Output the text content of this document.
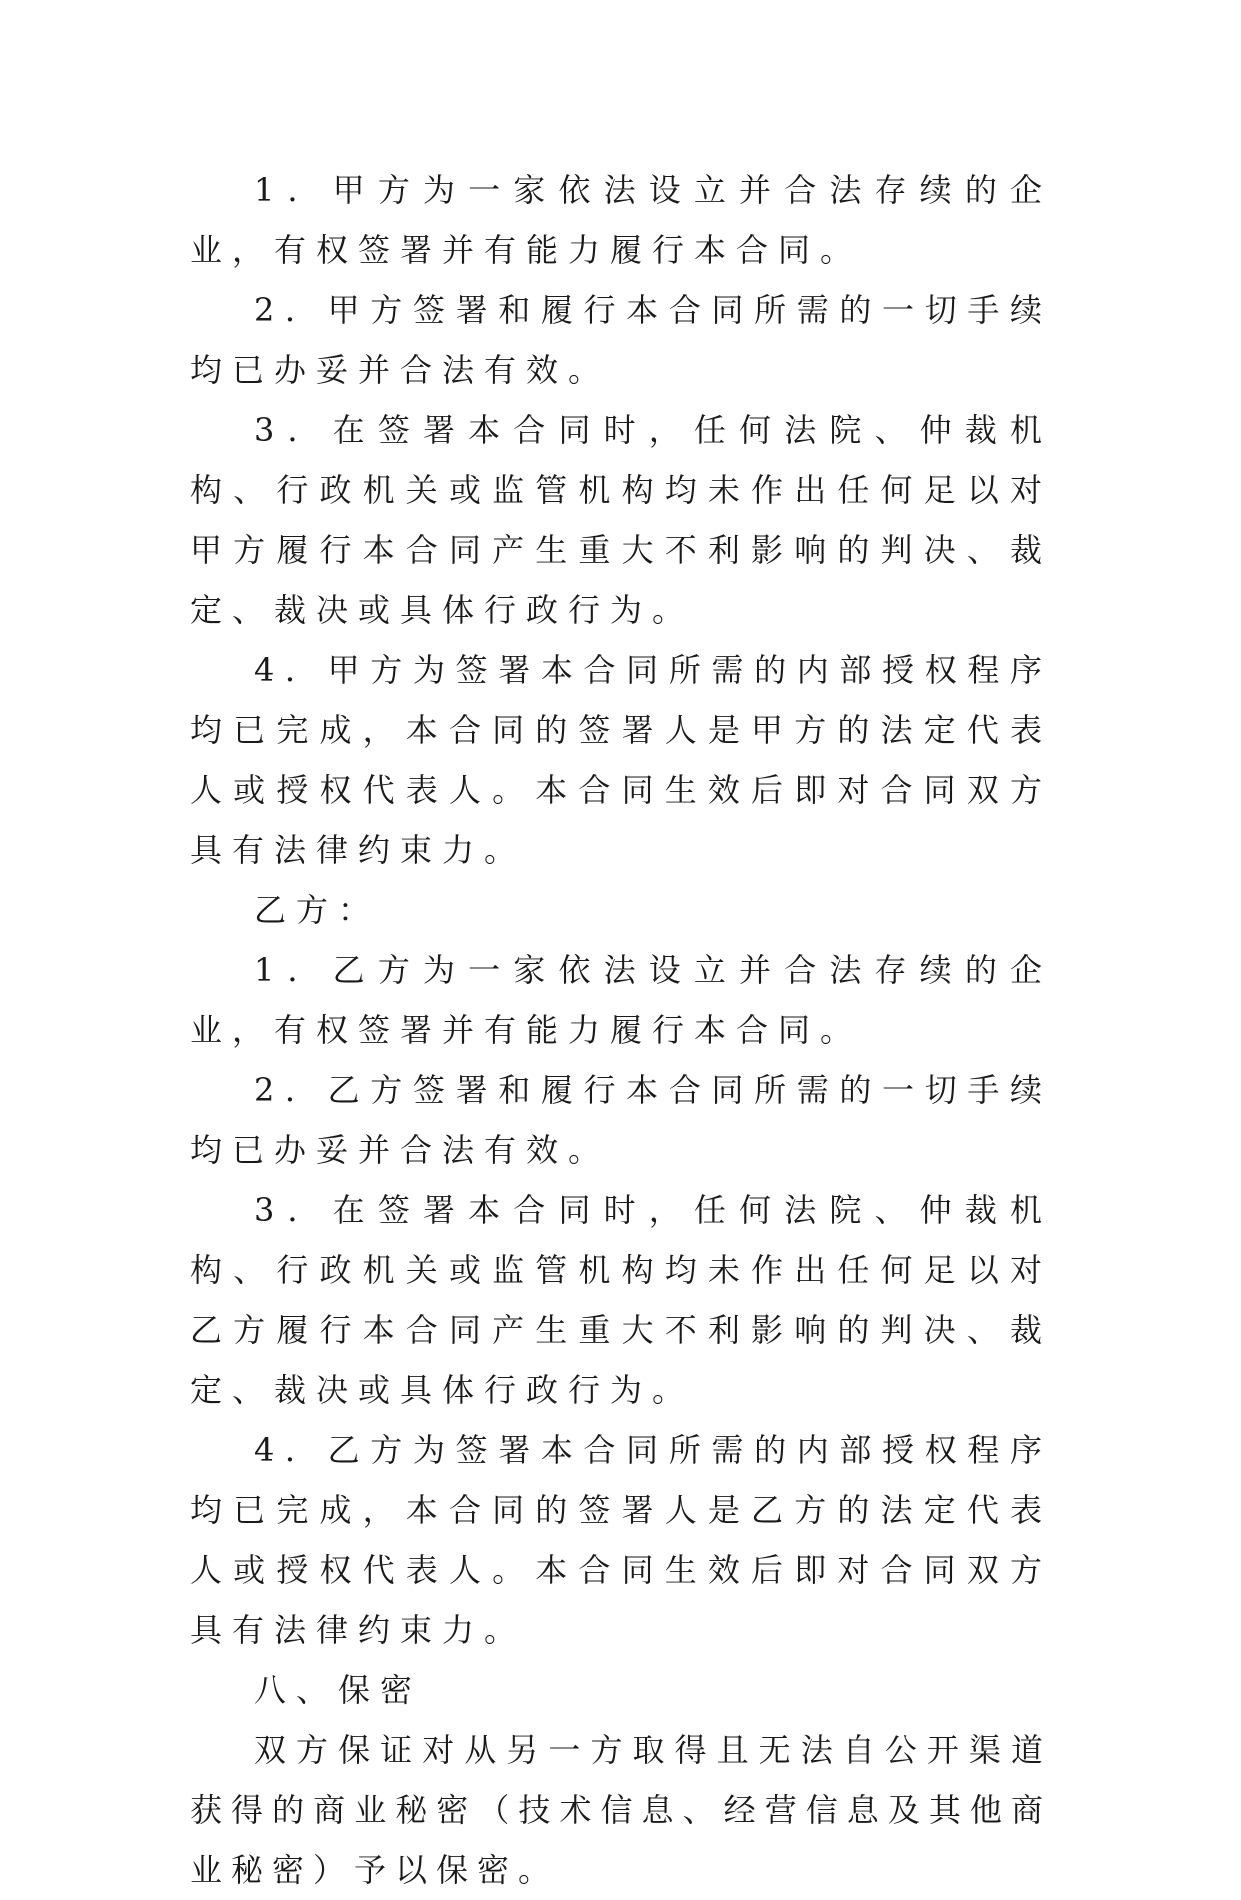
1．甲方为一家依法设立并合法存续的企业，有权签署并有能力履行本合同。

2．甲方签署和履行本合同所需的一切手续均已办妥并合法有效。

3．在签署本合同时，任何法院、仲裁机构、行政机关或监管机构均未作出任何足以对甲方履行本合同产生重大不利影响的判决、裁定、裁决或具体行政行为。

4．甲方为签署本合同所需的内部授权程序均已完成，本合同的签署人是甲方的法定代表人或授权代表人。本合同生效后即对合同双方具有法律约束力。

乙方：

1．乙方为一家依法设立并合法存续的企业，有权签署并有能力履行本合同。

2．乙方签署和履行本合同所需的一切手续均已办妥并合法有效。

3．在签署本合同时，任何法院、仲裁机构、行政机关或监管机构均未作出任何足以对乙方履行本合同产生重大不利影响的判决、裁定、裁决或具体行政行为。

4．乙方为签署本合同所需的内部授权程序均已完成，本合同的签署人是乙方的法定代表人或授权代表人。本合同生效后即对合同双方具有法律约束力。

八、保密

双方保证对从另一方取得且无法自公开渠道获得的商业秘密（技术信息、经营信息及其他商业秘密）予以保密。
